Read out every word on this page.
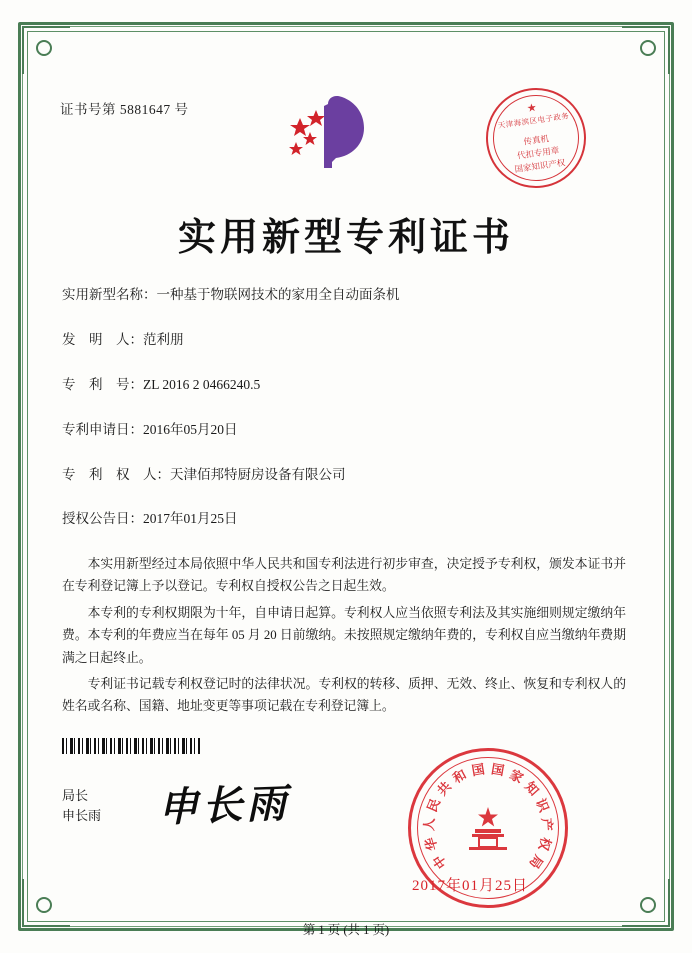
证书号第 5881647 号	★
天津海滨区电子政务
传真机
代扣专用章
国家知识产权
实用新型专利证书
实用新型名称：一种基于物联网技术的家用全自动面条机
发　明　人：范利朋
专　利　号：ZL 2016 2 0466240.5
专利申请日：2016年05月20日
专　利　权　人：天津佰邦特厨房设备有限公司
授权公告日：2017年01月25日

本实用新型经过本局依照中华人民共和国专利法进行初步审查，决定授予专利权，颁发本证书并在专利登记簿上予以登记。专利权自授权公告之日起生效。

本专利的专利权期限为十年，自申请日起算。专利权人应当依照专利法及其实施细则规定缴纳年费。本专利的年费应当在每年 05 月 20 日前缴纳。未按照规定缴纳年费的，专利权自应当缴纳年费期满之日起终止。

专利证书记载专利权登记时的法律状况。专利权的转移、质押、无效、终止、恢复和专利权人的姓名或名称、国籍、地址变更等事项记载在专利登记簿上。

局长
申长雨 申长雨
中
华
人
民
共
和 国 国 家
知
识
产
权
局
2017年01月25日
第 1 页 (共 1 页)
